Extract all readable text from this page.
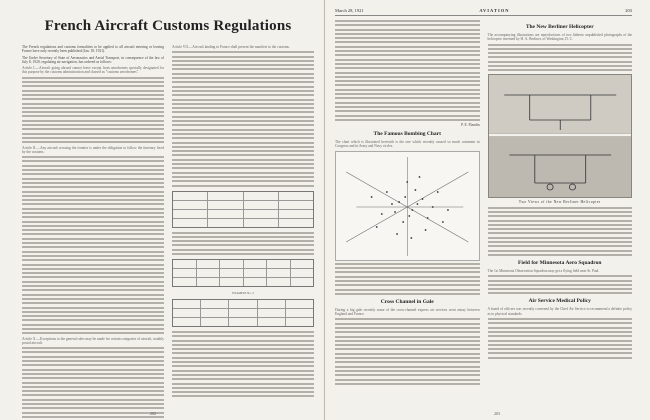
French Aircraft Customs Regulations

The French regulations and customs formalities to be applied to all aircraft entering or leaving France have only recently been published (Jan. 18, 1921).

The Under Secretary of State of Aeronautics and Aerial Transport, in consequence of the law of July 8, 1920, regulating air navigation, has ordered as follows:

Article I.—Aircraft going abroad cannot leave except from aerodromes specially designated for this purpose by the customs administration and classed as "customs aerodromes".

Article II.—Any aircraft crossing the frontier is under the obligation to follow the itinerary fixed by the customs.

Article X.—Exceptions to the general rules may be made for certain categories of aircraft, notably postal aircraft.

Article VII.—Aircraft landing in France shall present the manifest to the customs.

EXAMPLE No. 2
202
March 28, 1921	AVIATION	203
P. E. Flandin
The Famous Bombing Chart

The chart which is illustrated herewith is the one which recently caused so much comment in Congress and in Army and Navy circles.

Cross Channel in Gale

During a big gale recently some of the cross-channel express air services went astray between England and France.

The New Berliner Helicopter

The accompanying illustrations are reproductions of two hitherto unpublished photographs of the helicopter invented by H. A. Berliner, of Washington, D. C.

Two Views of the New Berliner Helicopter
Field for Minnesota Aero Squadron

The 1st Minnesota Observation Squadron may get a flying field near St. Paul.

Air Service Medical Policy

A board of officers was recently convened by the Chief Air Service to recommend a definite policy as to physical standards.

203
